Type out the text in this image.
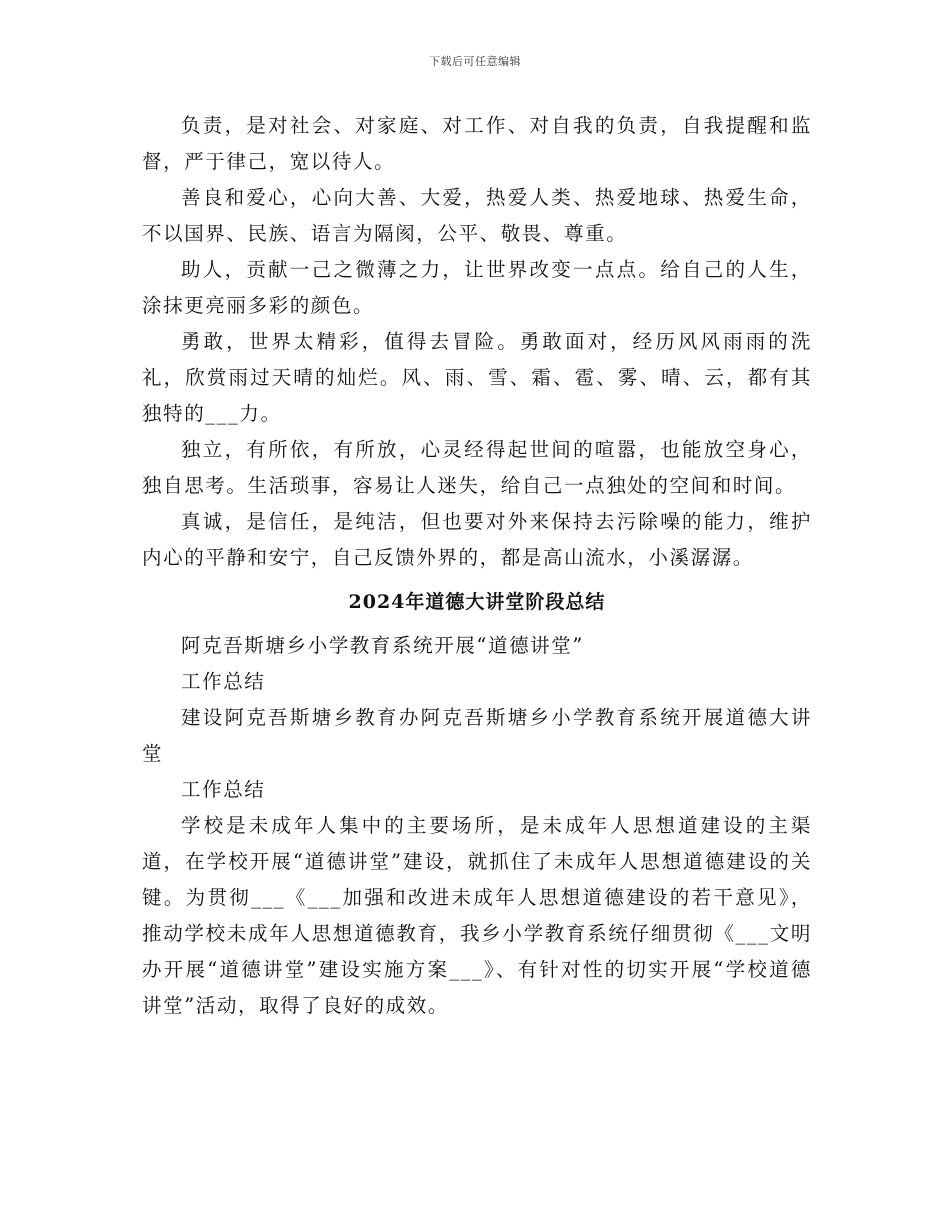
下载后可任意编辑

负责，是对社会、对家庭、对工作、对自我的负责，自我提醒和监督，严于律己，宽以待人。

善良和爱心，心向大善、大爱，热爱人类、热爱地球、热爱生命，不以国界、民族、语言为隔阂，公平、敬畏、尊重。

助人，贡献一己之微薄之力，让世界改变一点点。给自己的人生，涂抹更亮丽多彩的颜色。

勇敢，世界太精彩，值得去冒险。勇敢面对，经历风风雨雨的洗礼，欣赏雨过天晴的灿烂。风、雨、雪、霜、雹、雾、晴、云，都有其独特的___力。

独立，有所依，有所放，心灵经得起世间的喧嚣，也能放空身心，独自思考。生活琐事，容易让人迷失，给自己一点独处的空间和时间。

真诚，是信任，是纯洁，但也要对外来保持去污除噪的能力，维护内心的平静和安宁，自己反馈外界的，都是高山流水，小溪潺潺。

2024年道德大讲堂阶段总结

阿克吾斯塘乡小学教育系统开展“道德讲堂”

工作总结

建设阿克吾斯塘乡教育办阿克吾斯塘乡小学教育系统开展道德大讲堂

工作总结

学校是未成年人集中的主要场所，是未成年人思想道建设的主渠道，在学校开展“道德讲堂”建设，就抓住了未成年人思想道德建设的关键。为贯彻___《___加强和改进未成年人思想道德建设的若干意见》，推动学校未成年人思想道德教育，我乡小学教育系统仔细贯彻《___文明办开展“道德讲堂”建设实施方案___》、有针对性的切实开展“学校道德讲堂”活动，取得了良好的成效。
